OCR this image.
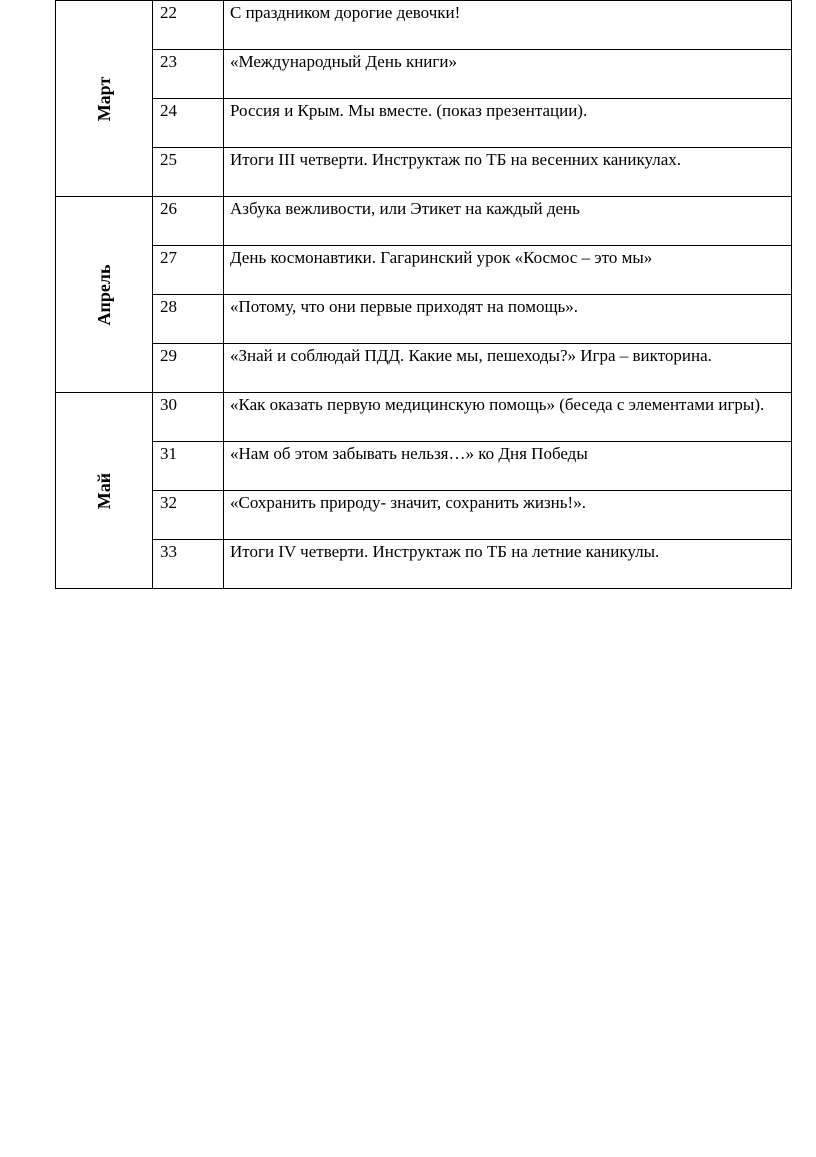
Март	22	С праздником дорогие девочки!
	23	«Международный День книги»
	24	Россия и Крым. Мы вместе. (показ презентации).
	25	Итоги III четверти. Инструктаж по ТБ на весенних каникулах.

Апрель	26	Азбука вежливости, или Этикет на каждый день
	27	День космонавтики. Гагаринский урок «Космос – это мы»
	28	«Потому, что они первые приходят на помощь».
	29	«Знай и соблюдай ПДД. Какие мы, пешеходы?» Игра – викторина.

Май	30	«Как оказать первую медицинскую помощь» (беседа с элементами игры).
	31	«Нам об этом забывать нельзя…» ко Дня Победы
	32	«Сохранить природу- значит, сохранить жизнь!».
	33	Итоги IV четверти. Инструктаж по ТБ на летние каникулы.
